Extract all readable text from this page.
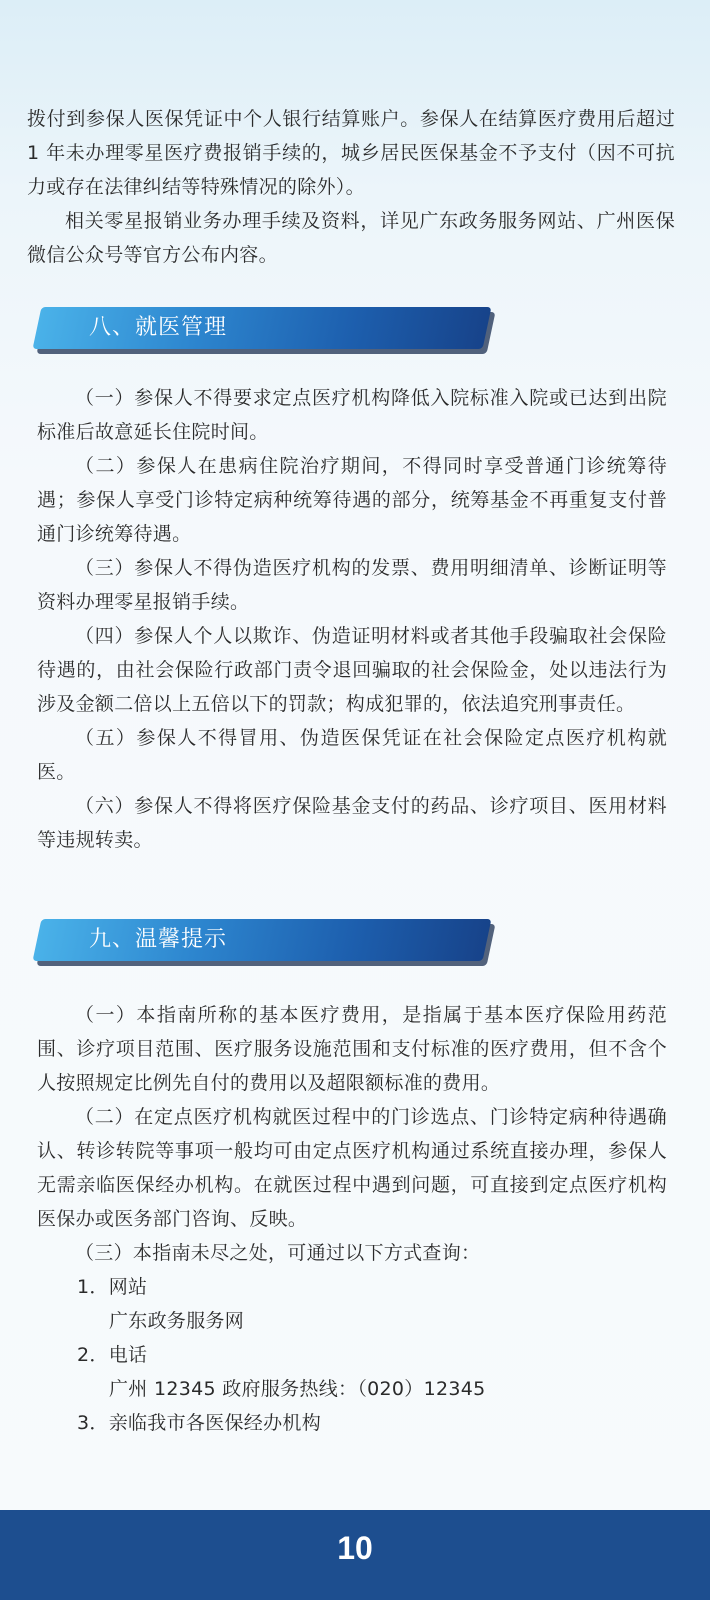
拨付到参保人医保凭证中个人银行结算账户。参保人在结算医疗费用后超过 1 年未办理零星医疗费报销手续的，城乡居民医保基金不予支付（因不可抗力或存在法律纠结等特殊情况的除外）。

相关零星报销业务办理手续及资料，详见广东政务服务网站、广州医保微信公众号等官方公布内容。

八、就医管理
（一）参保人不得要求定点医疗机构降低入院标准入院或已达到出院标准后故意延长住院时间。
（二）参保人在患病住院治疗期间，不得同时享受普通门诊统筹待遇；参保人享受门诊特定病种统筹待遇的部分，统筹基金不再重复支付普通门诊统筹待遇。
（三）参保人不得伪造医疗机构的发票、费用明细清单、诊断证明等资料办理零星报销手续。
（四）参保人个人以欺诈、伪造证明材料或者其他手段骗取社会保险待遇的，由社会保险行政部门责令退回骗取的社会保险金，处以违法行为涉及金额二倍以上五倍以下的罚款；构成犯罪的，依法追究刑事责任。
（五）参保人不得冒用、伪造医保凭证在社会保险定点医疗机构就医。
（六）参保人不得将医疗保险基金支付的药品、诊疗项目、医用材料等违规转卖。
九、温馨提示
（一）本指南所称的基本医疗费用，是指属于基本医疗保险用药范围、诊疗项目范围、医疗服务设施范围和支付标准的医疗费用，但不含个人按照规定比例先自付的费用以及超限额标准的费用。
（二）在定点医疗机构就医过程中的门诊选点、门诊特定病种待遇确认、转诊转院等事项一般均可由定点医疗机构通过系统直接办理，参保人无需亲临医保经办机构。在就医过程中遇到问题，可直接到定点医疗机构医保办或医务部门咨询、反映。
（三）本指南未尽之处，可通过以下方式查询：
1．网站
广东政务服务网
2．电话
广州 12345 政府服务热线：（020）12345
3．亲临我市各医保经办机构
10
